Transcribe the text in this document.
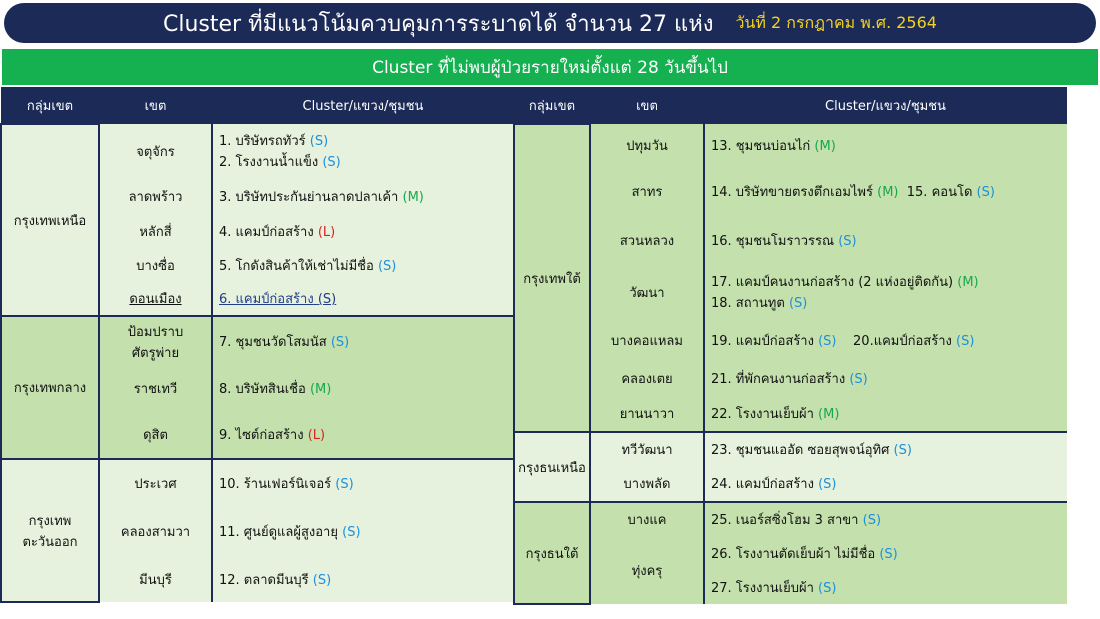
Cluster ที่มีแนวโน้มควบคุมการระบาดได้ จำนวน 27 แห่ง วันที่ 2 กรกฎาคม พ.ศ. 2564
Cluster ที่ไม่พบผู้ป่วยรายใหม่ตั้งแต่ 28 วันขึ้นไป
กลุ่มเขต	เขต	Cluster/แขวง/ชุมชน
กรุงเทพเหนือ	จตุจักร	1. บริษัทรถทัวร์ (S)
2. โรงงานน้ำแข็ง (S)

	ลาดพร้าว	3. บริษัทประกันย่านลาดปลาเค้า (M)
	หลักสี่	4. แคมป์ก่อสร้าง (L)
	บางซื่อ	5. โกดังสินค้าให้เช่าไม่มีชื่อ (S)
	ดอนเมือง	6. แคมป์ก่อสร้าง (S)
กรุงเทพกลาง	ป้อมปราบ
ศัตรูพ่าย	7. ชุมชนวัดโสมนัส (S)
	ราชเทวี	8. บริษัทสินเชื่อ (M)
	ดุสิต	9. ไซต์ก่อสร้าง (L)

กรุงเทพ
ตะวันออก	ประเวศ	10. ร้านเฟอร์นิเจอร์ (S)
	คลองสามวา	11. ศูนย์ดูแลผู้สูงอายุ (S)
	มีนบุรี	12. ตลาดมีนบุรี (S)
กลุ่มเขต	เขต	Cluster/แขวง/ชุมชน
กรุงเทพใต้	ปทุมวัน	13. ชุมชนบ่อนไก่ (M)
	สาทร	14. บริษัทขายตรงตึกเอมไพร์ (M) 15. คอนโด (S)
	สวนหลวง	16. ชุมชนโมราวรรณ (S)
	วัฒนา	17. แคมป์คนงานก่อสร้าง (2 แห่งอยู่ติดกัน) (M)
18. สถานทูต (S)

	บางคอแหลม	19. แคมป์ก่อสร้าง (S) 20.แคมป์ก่อสร้าง (S)
	คลองเตย	21. ที่พักคนงานก่อสร้าง (S)
	ยานนาวา	22. โรงงานเย็บผ้า (M)
กรุงธนเหนือ	ทวีวัฒนา	23. ชุมชนแออัด ซอยสุพจน์อุทิศ (S)
	บางพลัด	24. แคมป์ก่อสร้าง (S)
กรุงธนใต้	บางแค	25. เนอร์สซิ่งโฮม 3 สาขา (S)
	ทุ่งครุ	26. โรงงานตัดเย็บผ้า ไม่มีชื่อ (S)
		27. โรงงานเย็บผ้า (S)
